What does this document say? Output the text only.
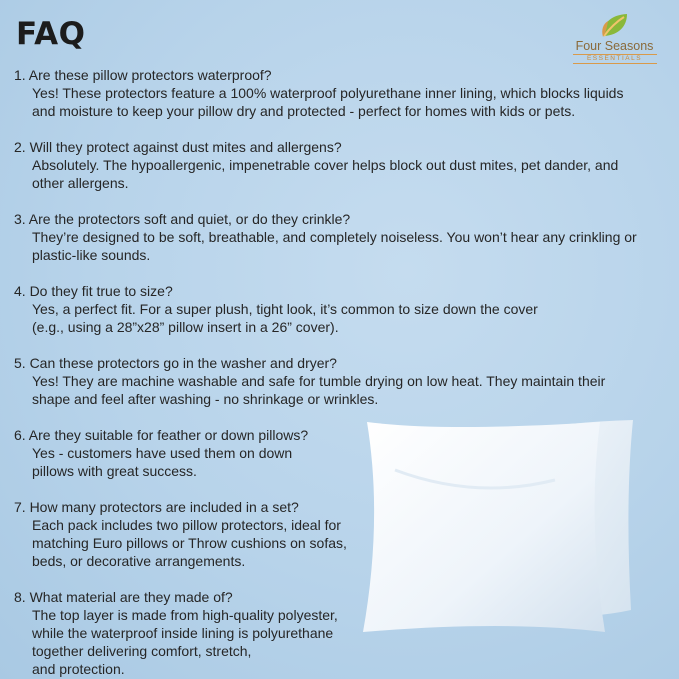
FAQ	Four Seasons
ESSENTIALS
1. Are these pillow protectors waterproof?
Yes! These protectors feature a 100% waterproof polyurethane inner lining, which blocks liquids
and moisture to keep your pillow dry and protected - perfect for homes with kids or pets.
2. Will they protect against dust mites and allergens?
Absolutely. The hypoallergenic, impenetrable cover helps block out dust mites, pet dander, and
other allergens.
3. Are the protectors soft and quiet, or do they crinkle?
They’re designed to be soft, breathable, and completely noiseless. You won’t hear any crinkling or
plastic-like sounds.
4. Do they fit true to size?
Yes, a perfect fit. For a super plush, tight look, it’s common to size down the cover
(e.g., using a 28”x28” pillow insert in a 26” cover).
5. Can these protectors go in the washer and dryer?
Yes! They are machine washable and safe for tumble drying on low heat. They maintain their
shape and feel after washing - no shrinkage or wrinkles.
6. Are they suitable for feather or down pillows?
Yes - customers have used them on down
pillows with great success.
7. How many protectors are included in a set?
Each pack includes two pillow protectors, ideal for
matching Euro pillows or Throw cushions on sofas,
beds, or decorative arrangements.
8. What material are they made of?
The top layer is made from high-quality polyester,
while the waterproof inside lining is polyurethane
together delivering comfort, stretch,
and protection.
